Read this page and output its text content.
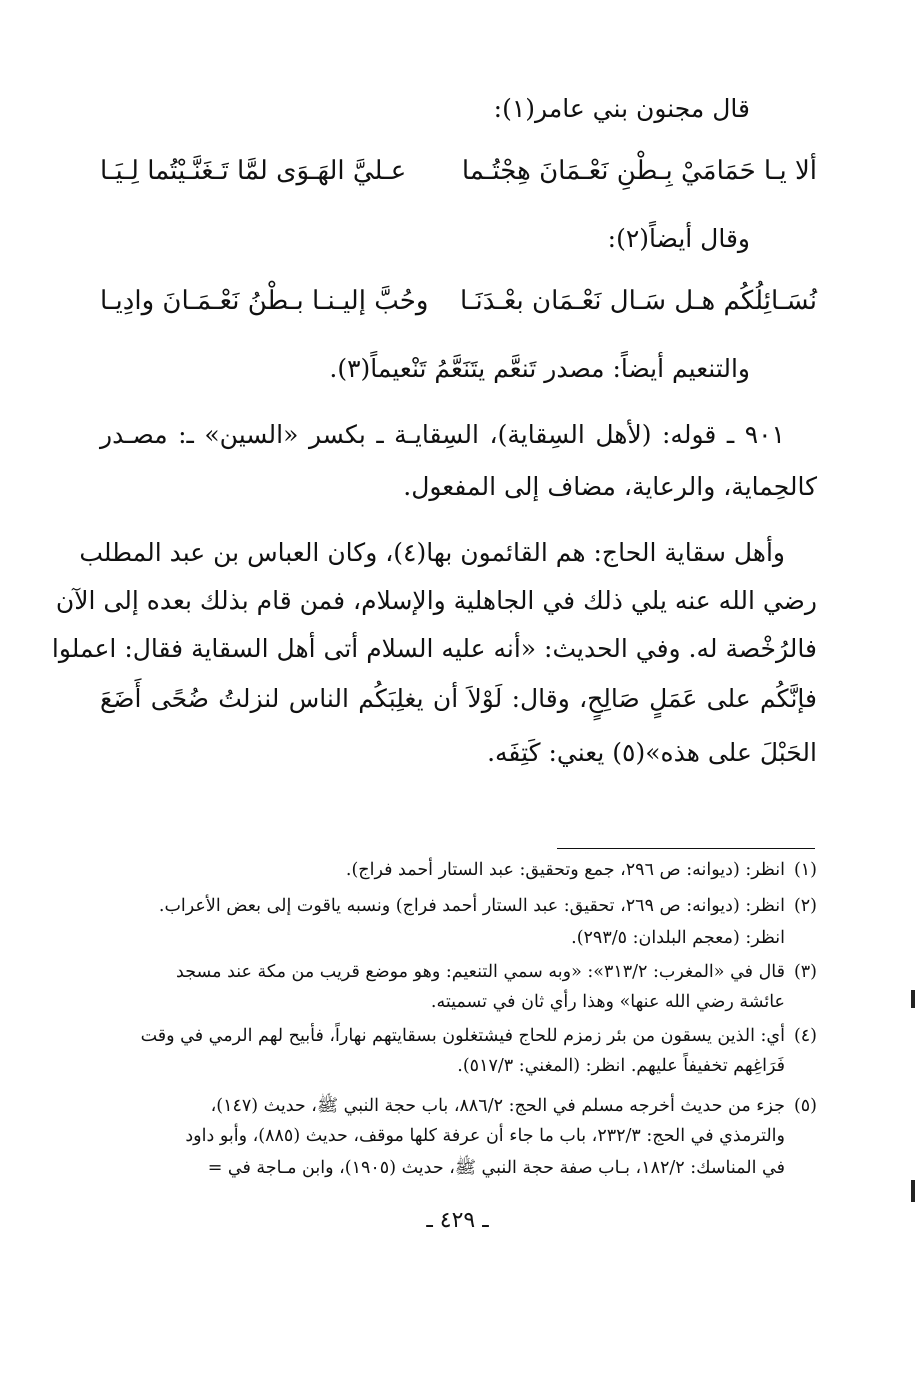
قال مجنون بني عامر(١):
ألا يـا حَمَامَيْ بِـطْنِ نَعْـمَانَ هِجْتُـما
عـليَّ الهَـوَى لمَّا تَـغَنَّـيْتُما لِـيَـا
وقال أيضاً(٢):
نُسَـائِلُكُم هـل سَـال نَعْـمَان بعْـدَنَـا
وحُبَّ إليـنـا بـطْنُ نَعْـمَـانَ وادِيـا
والتنعيم أيضاً: مصدر تَنعَّم يتَنَعَّمُ تَنْعيماً(٣).
٩٠١ ـ قوله: (لأهل السِقاية)، السِقايـة ـ بكسر «السين» ـ: مصـدر
كالحِماية، والرعاية، مضاف إلى المفعول.
وأهل سقاية الحاج: هم القائمون بها(٤)، وكان العباس بن عبد المطلب
رضي الله عنه يلي ذلك في الجاهلية والإسلام، فمن قام بذلك بعده إلى الآن
فالرُخْصة له. وفي الحديث: «أنه عليه السلام أتى أهل السقاية فقال: اعملوا
فإنَّكُم على عَمَلٍ صَالِحٍ، وقال: لَوْلاَ أن يغلِبَكُم الناس لنزلتُ ضُحًى أَضَعَ
الحَبْلَ على هذه»(٥) يعني: كَتِفَه.
(١)انظر: (ديوانه: ص ٢٩٦، جمع وتحقيق: عبد الستار أحمد فراج).
(٢)انظر: (ديوانه: ص ٢٦٩، تحقيق: عبد الستار أحمد فراج) ونسبه ياقوت إلى بعض الأعراب.
انظر: (معجم البلدان: ٢٩٣/٥).
(٣)قال في «المغرب: ٣١٣/٢»: «وبه سمي التنعيم: وهو موضع قريب من مكة عند مسجد
عائشة رضي الله عنها» وهذا رأي ثان في تسميته.
(٤)أي: الذين يسقون من بئر زمزم للحاج فيشتغلون بسقايتهم نهاراً، فأبيح لهم الرمي في وقت
فَرَاغِهم تخفيفاً عليهم. انظر: (المغني: ٥١٧/٣).
(٥)جزء من حديث أخرجه مسلم في الحج: ٨٨٦/٢، باب حجة النبي ﷺ، حديث (١٤٧)،
والترمذي في الحج: ٢٣٢/٣، باب ما جاء أن عرفة كلها موقف، حديث (٨٨٥)، وأبو داود
في المناسك: ١٨٢/٢، بـاب صفة حجة النبي ﷺ، حديث (١٩٠٥)، وابن مـاجة في =
ـ ٤٢٩ ـ
